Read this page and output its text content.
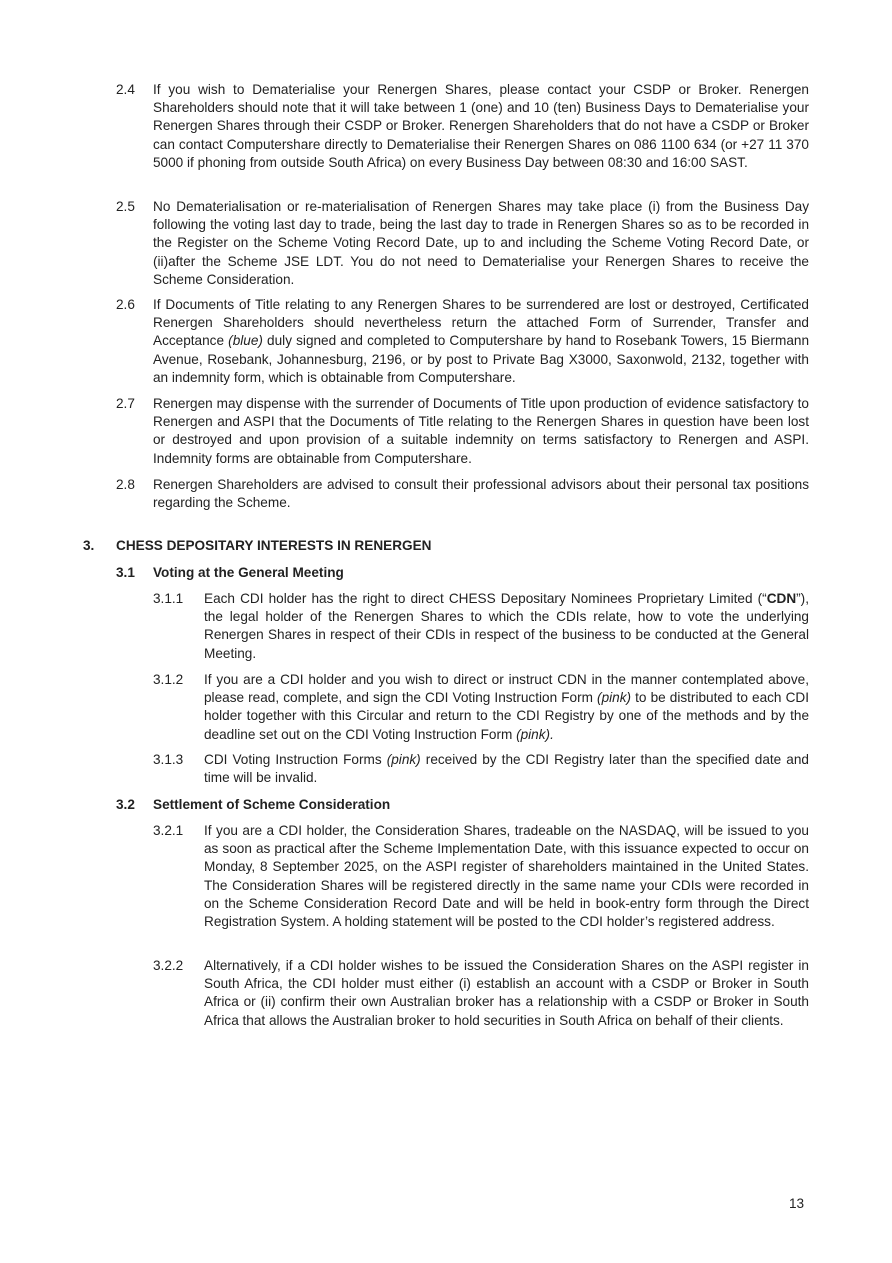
2.4	If you wish to Dematerialise your Renergen Shares, please contact your CSDP or Broker. Renergen Shareholders should note that it will take between 1 (one) and 10 (ten) Business Days to Dematerialise your Renergen Shares through their CSDP or Broker. Renergen Shareholders that do not have a CSDP or Broker can contact Computershare directly to Dematerialise their Renergen Shares on 086 1100 634 (or +27 11 370 5000 if phoning from outside South Africa) on every Business Day between 08:30 and 16:00 SAST.
2.5	No Dematerialisation or re-materialisation of Renergen Shares may take place (i) from the Business Day following the voting last day to trade, being the last day to trade in Renergen Shares so as to be recorded in the Register on the Scheme Voting Record Date, up to and including the Scheme Voting Record Date, or (ii)after the Scheme JSE LDT. You do not need to Dematerialise your Renergen Shares to receive the Scheme Consideration.
2.6	If Documents of Title relating to any Renergen Shares to be surrendered are lost or destroyed, Certificated Renergen Shareholders should nevertheless return the attached Form of Surrender, Transfer and Acceptance (blue) duly signed and completed to Computershare by hand to Rosebank Towers, 15 Biermann Avenue, Rosebank, Johannesburg, 2196, or by post to Private Bag X3000, Saxonwold, 2132, together with an indemnity form, which is obtainable from Computershare.
2.7	Renergen may dispense with the surrender of Documents of Title upon production of evidence satisfactory to Renergen and ASPI that the Documents of Title relating to the Renergen Shares in question have been lost or destroyed and upon provision of a suitable indemnity on terms satisfactory to Renergen and ASPI. Indemnity forms are obtainable from Computershare.
2.8	Renergen Shareholders are advised to consult their professional advisors about their personal tax positions regarding the Scheme.
3. CHESS DEPOSITARY INTERESTS IN RENERGEN
3.1 Voting at the General Meeting
3.1.1	Each CDI holder has the right to direct CHESS Depositary Nominees Proprietary Limited (“CDN”), the legal holder of the Renergen Shares to which the CDIs relate, how to vote the underlying Renergen Shares in respect of their CDIs in respect of the business to be conducted at the General Meeting.
3.1.2	If you are a CDI holder and you wish to direct or instruct CDN in the manner contemplated above, please read, complete, and sign the CDI Voting Instruction Form (pink) to be distributed to each CDI holder together with this Circular and return to the CDI Registry by one of the methods and by the deadline set out on the CDI Voting Instruction Form (pink).
3.1.3	CDI Voting Instruction Forms (pink) received by the CDI Registry later than the specified date and time will be invalid.
3.2 Settlement of Scheme Consideration
3.2.1	If you are a CDI holder, the Consideration Shares, tradeable on the NASDAQ, will be issued to you as soon as practical after the Scheme Implementation Date, with this issuance expected to occur on Monday, 8 September 2025, on the ASPI register of shareholders maintained in the United States. The Consideration Shares will be registered directly in the same name your CDIs were recorded in on the Scheme Consideration Record Date and will be held in book-entry form through the Direct Registration System. A holding statement will be posted to the CDI holder’s registered address.
3.2.2	Alternatively, if a CDI holder wishes to be issued the Consideration Shares on the ASPI register in South Africa, the CDI holder must either (i) establish an account with a CSDP or Broker in South Africa or (ii) confirm their own Australian broker has a relationship with a CSDP or Broker in South Africa that allows the Australian broker to hold securities in South Africa on behalf of their clients.
13
